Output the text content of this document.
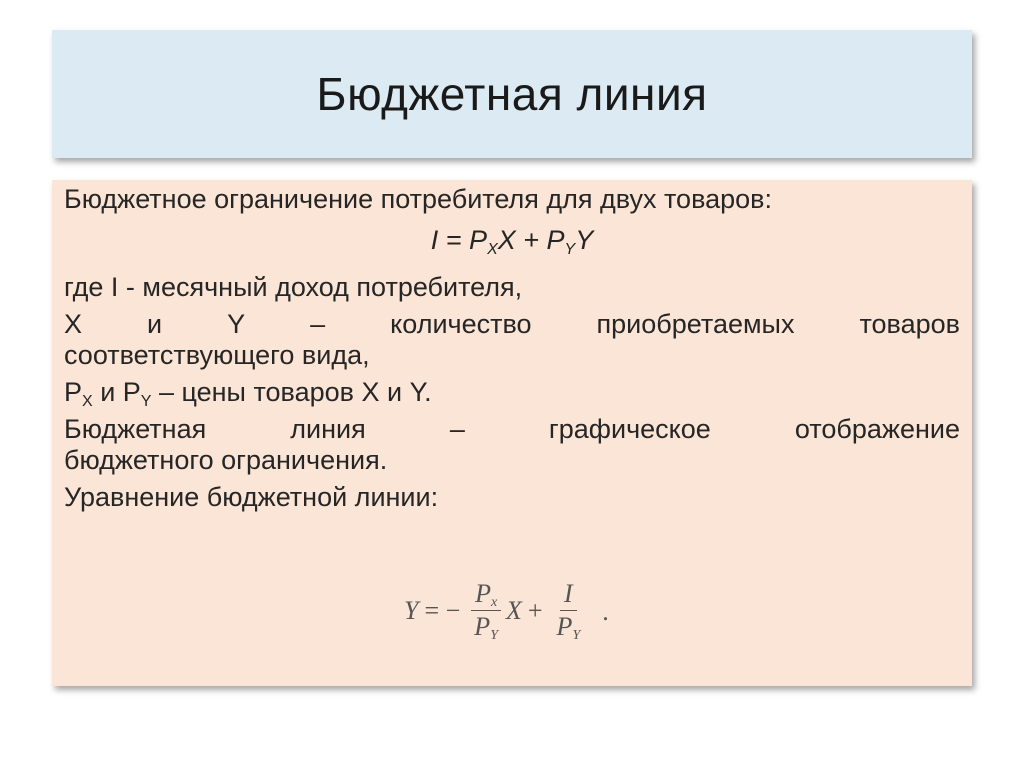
Бюджетная линия

Бюджетное ограничение потребителя для двух товаров:

$I = P_XX + P_YY$

где I - месячный доход потребителя,

X и Y – количество приобретаемых товаров

соответствующего вида,

$P_X$ и $P_Y$ – цены товаров X и Y.

Бюджетная	линия	–	графическое	отображение

бюджетного ограничения.

Уравнение бюджетной линии:

Y = − $\frac{P_x}{P_Y}$ $X + \frac{I}{P_Y}$ .
